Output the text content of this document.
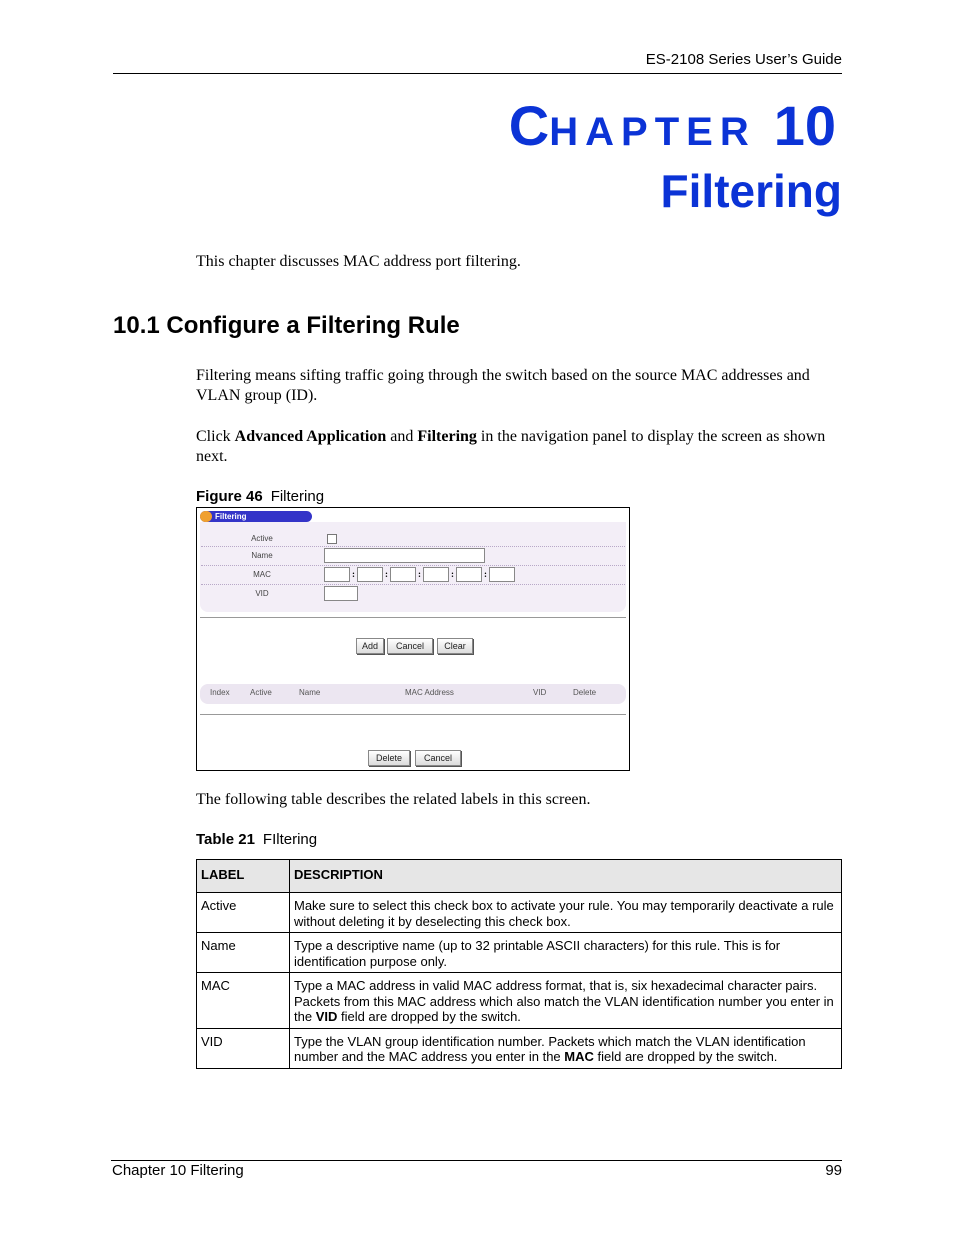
ES-2108 Series User’s Guide
CHAPTER 10
Filtering
This chapter discusses MAC address port filtering.
10.1 Configure a Filtering Rule
Filtering means sifting traffic going through the switch based on the source MAC addresses and VLAN group (ID).
Click Advanced Application and Filtering in the navigation panel to display the screen as shown next.
Figure 46 Filtering
Filtering
Active
Name
MAC	:	:	:	:	:
VID
Add	Cancel	Clear
Index	Active	Name	MAC Address	VID	Delete
Delete	Cancel
The following table describes the related labels in this screen.
Table 21 FIltering
LABEL	DESCRIPTION
Active	Make sure to select this check box to activate your rule. You may temporarily deactivate a rule without deleting it by deselecting this check box.
Name	Type a descriptive name (up to 32 printable ASCII characters) for this rule. This is for identification purpose only.
MAC	Type a MAC address in valid MAC address format, that is, six hexadecimal character pairs. Packets from this MAC address which also match the VLAN identification number you enter in the VID field are dropped by the switch.
VID	Type the VLAN group identification number. Packets which match the VLAN identification number and the MAC address you enter in the MAC field are dropped by the switch.
Chapter 10 Filtering	99
